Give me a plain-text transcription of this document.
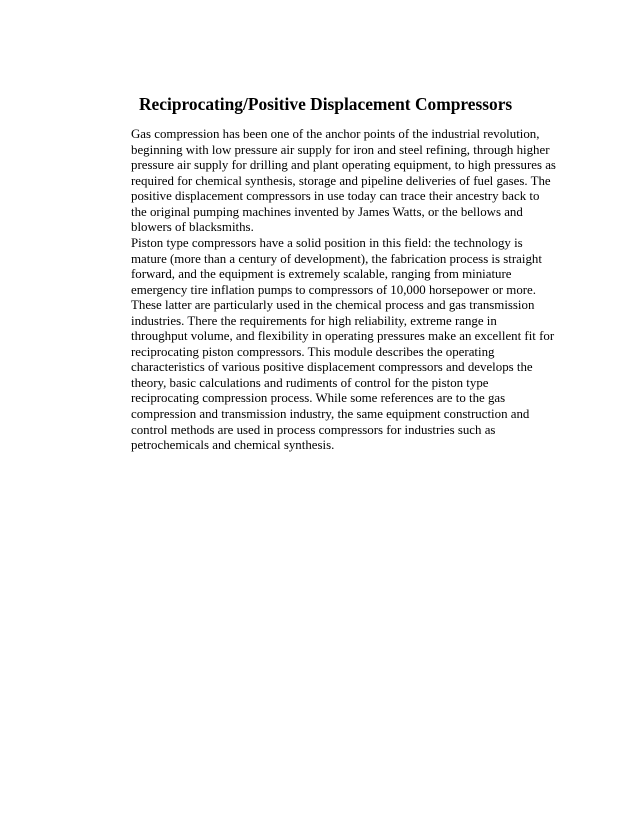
Reciprocating/Positive Displacement Compressors

Gas compression has been one of the anchor points of the industrial revolution,
beginning with low pressure air supply for iron and steel refining, through higher
pressure air supply for drilling and plant operating equipment, to high pressures as
required for chemical synthesis, storage and pipeline deliveries of fuel gases. The
positive displacement compressors in use today can trace their ancestry back to
the original pumping machines invented by James Watts, or the bellows and
blowers of blacksmiths.

Piston type compressors have a solid position in this field: the technology is
mature (more than a century of development), the fabrication process is straight
forward, and the equipment is extremely scalable, ranging from miniature
emergency tire inflation pumps to compressors of 10,000 horsepower or more.
These latter are particularly used in the chemical process and gas transmission
industries. There the requirements for high reliability, extreme range in
throughput volume, and flexibility in operating pressures make an excellent fit for
reciprocating piston compressors. This module describes the operating
characteristics of various positive displacement compressors and develops the
theory, basic calculations and rudiments of control for the piston type
reciprocating compression process. While some references are to the gas
compression and transmission industry, the same equipment construction and
control methods are used in process compressors for industries such as
petrochemicals and chemical synthesis.
